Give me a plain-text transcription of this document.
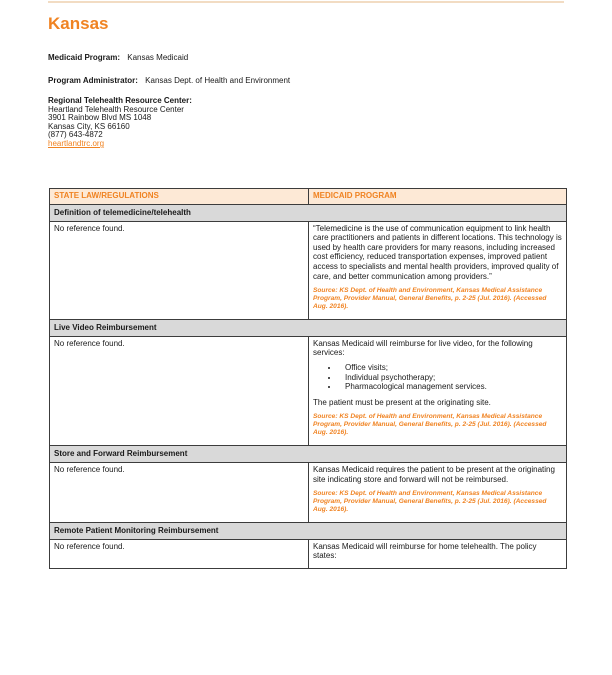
Kansas
Medicaid Program: Kansas Medicaid
Program Administrator: Kansas Dept. of Health and Environment
Regional Telehealth Resource Center:
Heartland Telehealth Resource Center
3901 Rainbow Blvd MS 1048
Kansas City, KS 66160
(877) 643-4872
heartlandtrc.org
STATE LAW/REGULATIONS	MEDICAID PROGRAM
Definition of telemedicine/telehealth	
No reference found.	“Telemedicine is the use of communication equipment to link health care practitioners and patients in different locations. This technology is used by health care providers for many reasons, including increased cost efficiency, reduced transportation expenses, improved patient access to specialists and mental health providers, improved quality of care, and better communication among providers.”

Source: KS Dept. of Health and Environment, Kansas Medical Assistance Program, Provider Manual, General Benefits, p. 2-25 (Jul. 2016). (Accessed Aug. 2016).

Live Video Reimbursement	
No reference found.	Kansas Medicaid will reimburse for live video, for the following services:

• Office visits;
• Individual psychotherapy;
• Pharmacological management services.

The patient must be present at the originating site.

Source: KS Dept. of Health and Environment, Kansas Medical Assistance Program, Provider Manual, General Benefits, p. 2-25 (Jul. 2016). (Accessed Aug. 2016).

Store and Forward Reimbursement	
No reference found.	Kansas Medicaid requires the patient to be present at the originating site indicating store and forward will not be reimbursed.

Source: KS Dept. of Health and Environment, Kansas Medical Assistance Program, Provider Manual, General Benefits, p. 2-25 (Jul. 2016). (Accessed Aug. 2016).

Remote Patient Monitoring Reimbursement	
No reference found.	Kansas Medicaid will reimburse for home telehealth. The policy states:
